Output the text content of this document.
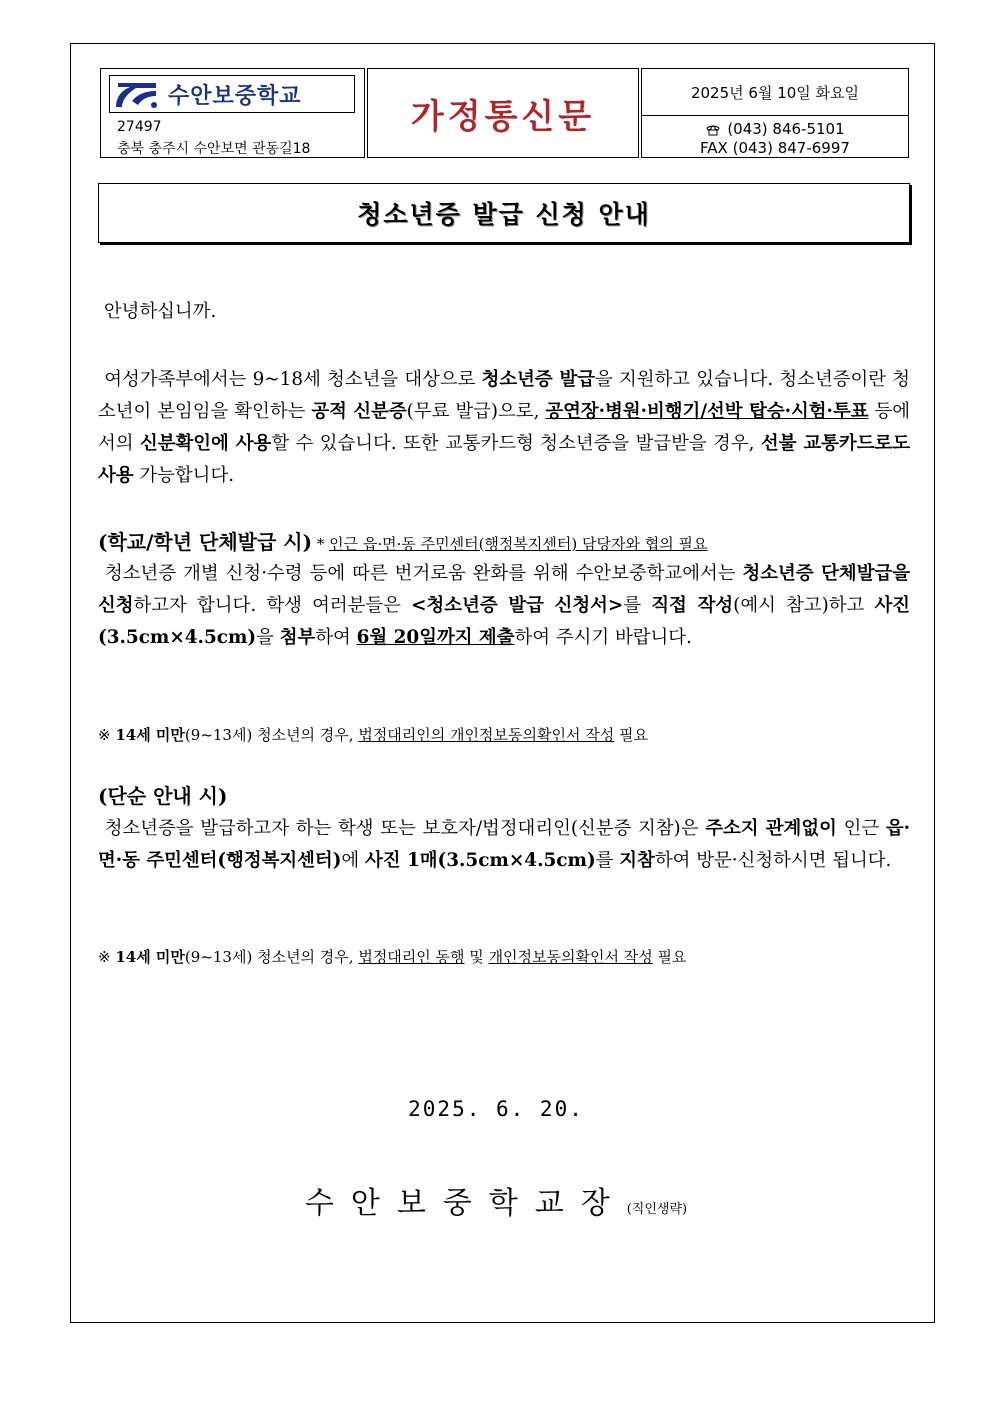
수안보중학교
27497
충북 충주시 수안보면 관동길18
가정통신문
2025년 6월 10일 화요일
(043) 846-5101
FAX (043) 847-6997
청소년증 발급 신청 안내
안녕하십니까.
여성가족부에서는 9~18세 청소년을 대상으로 청소년증 발급을 지원하고 있습니다. 청소년증이란 청소년이 본임임을 확인하는 공적 신분증(무료 발급)으로, 공연장·병원·비행기/선박 탑승·시험·투표 등에서의 신분확인에 사용할 수 있습니다. 또한 교통카드형 청소년증을 발급받을 경우, 선불 교통카드로도 사용 가능합니다.
(학교/학년 단체발급 시) * 인근 읍·면·동 주민센터(행정복지센터) 담당자와 협의 필요
청소년증 개별 신청·수령 등에 따른 번거로움 완화를 위해 수안보중학교에서는 청소년증 단체발급을 신청하고자 합니다. 학생 여러분들은 <청소년증 발급 신청서>를 직접 작성(예시 참고)하고 사진(3.5cm×4.5cm)을 첨부하여 6월 20일까지 제출하여 주시기 바랍니다.
※ 14세 미만(9~13세) 청소년의 경우, 법정대리인의 개인정보동의확인서 작성 필요
(단순 안내 시)
청소년증을 발급하고자 하는 학생 또는 보호자/법정대리인(신분증 지참)은 주소지 관계없이 인근 읍·면·동 주민센터(행정복지센터)에 사진 1매(3.5cm×4.5cm)를 지참하여 방문·신청하시면 됩니다.
※ 14세 미만(9~13세) 청소년의 경우, 법정대리인 동행 및 개인정보동의확인서 작성 필요
2025. 6. 20.
수안보중학교장(직인생략)
